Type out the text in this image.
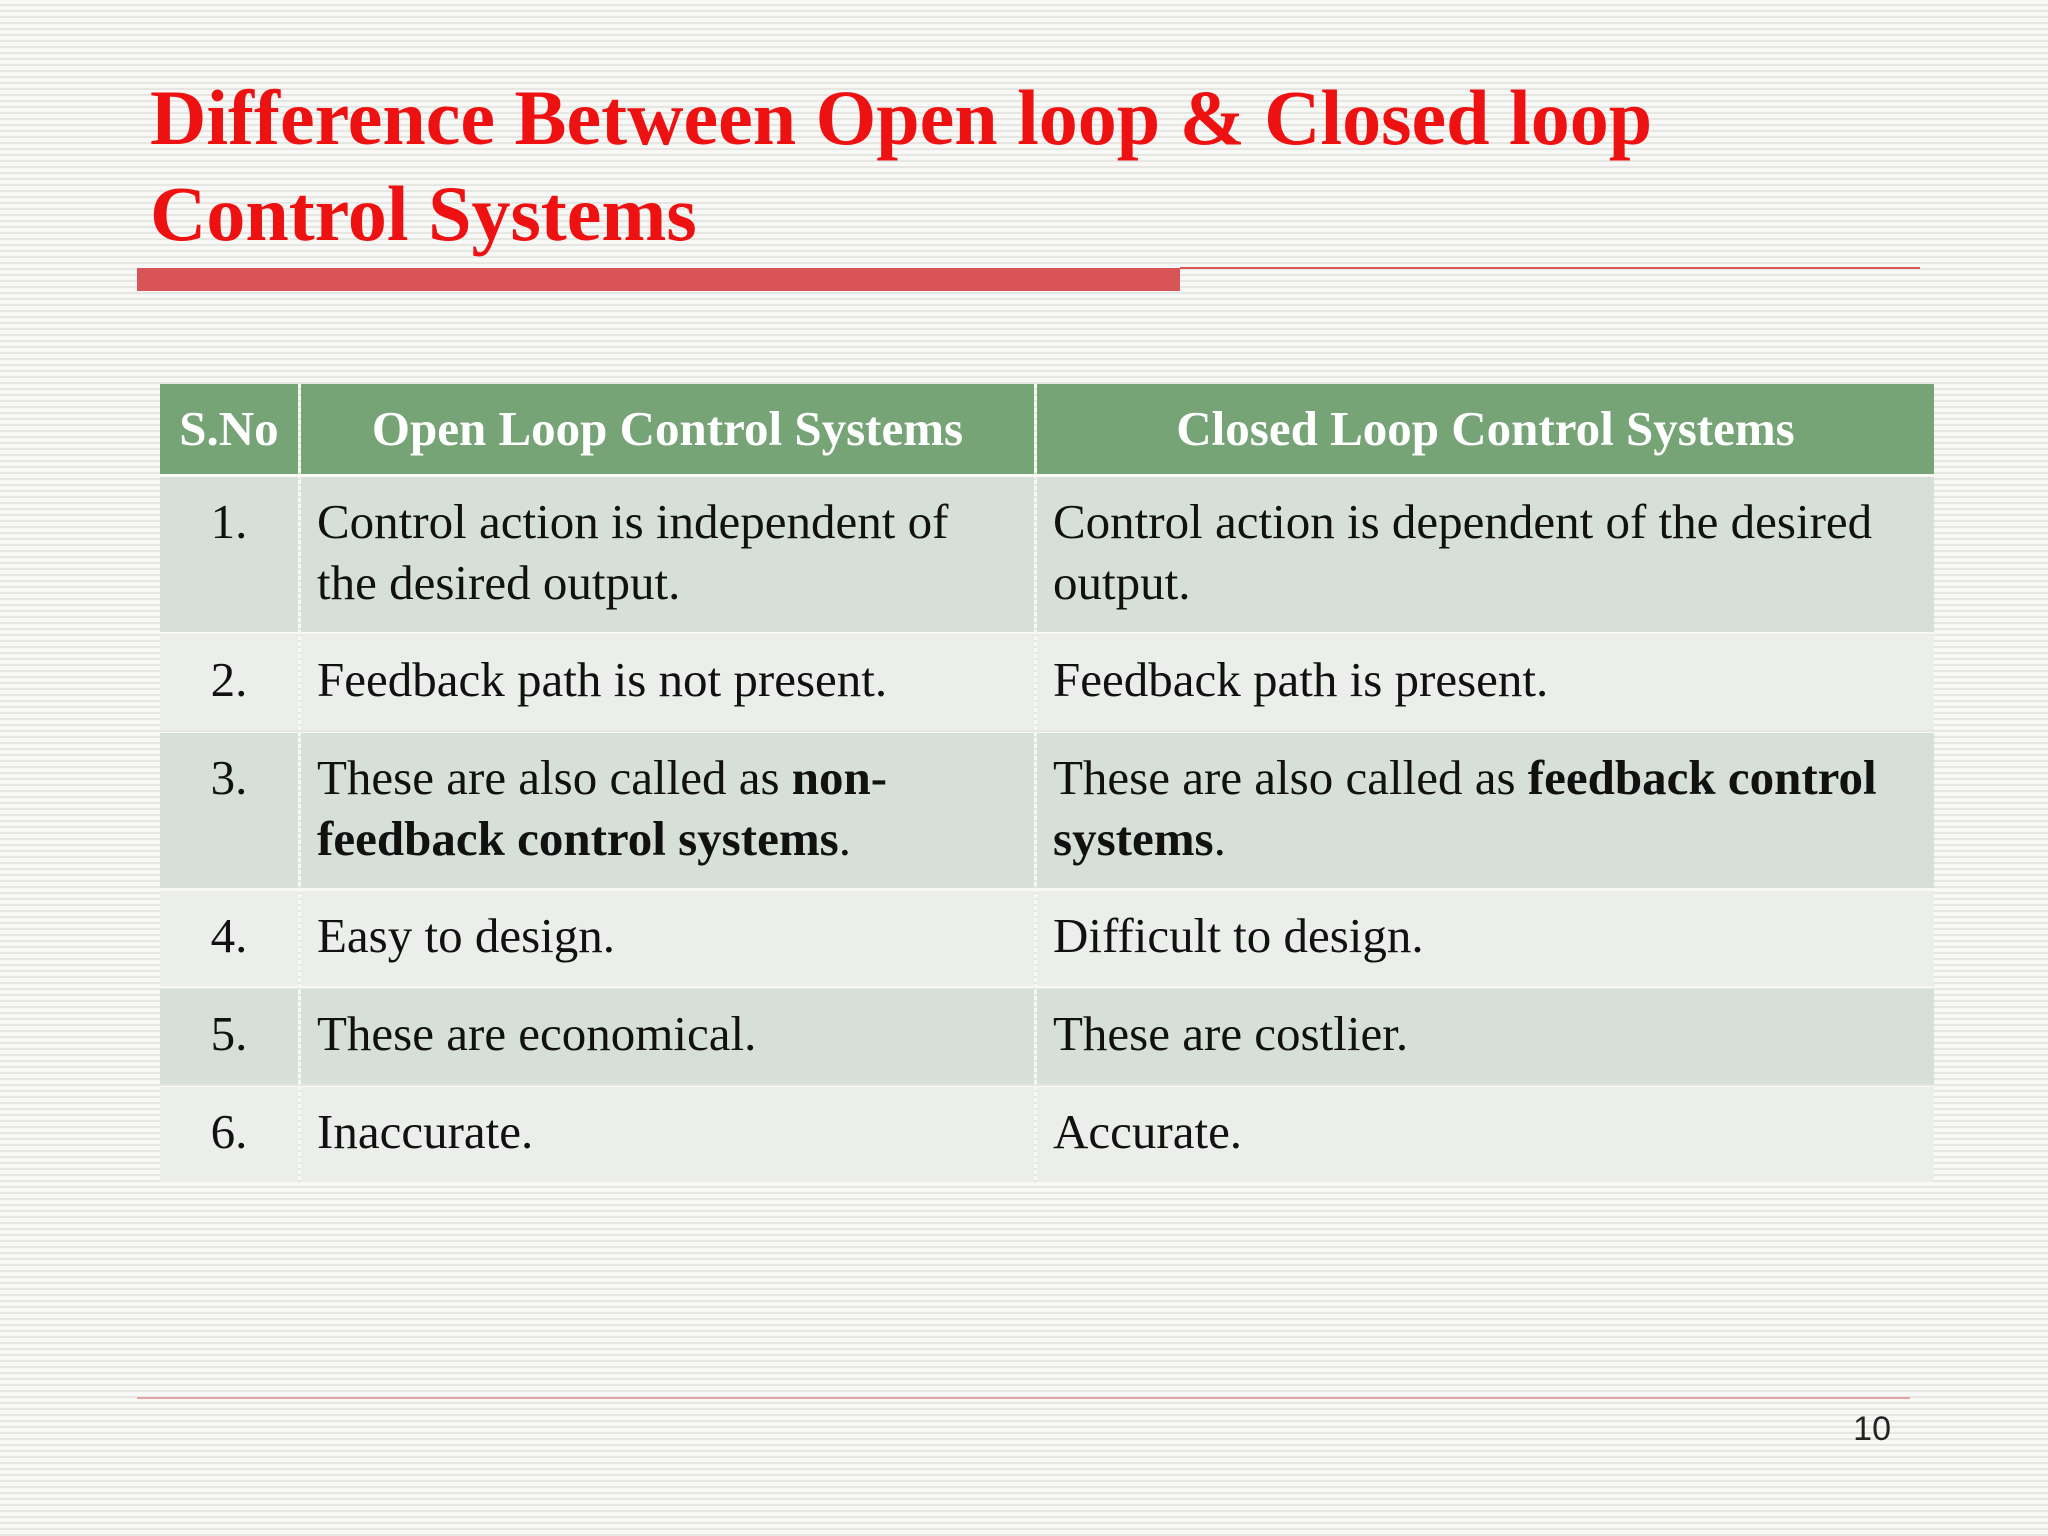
Difference Between Open loop & Closed loop Control Systems
S.No	Open Loop Control Systems	Closed Loop Control Systems
1.	Control action is independent of the desired output.	Control action is dependent of the desired output.
2.	Feedback path is not present.	Feedback path is present.
3.	These are also called as non-feedback control systems.	These are also called as feedback control systems.
4.	Easy to design.	Difficult to design.
5.	These are economical.	These are costlier.
6.	Inaccurate.	Accurate.
10
